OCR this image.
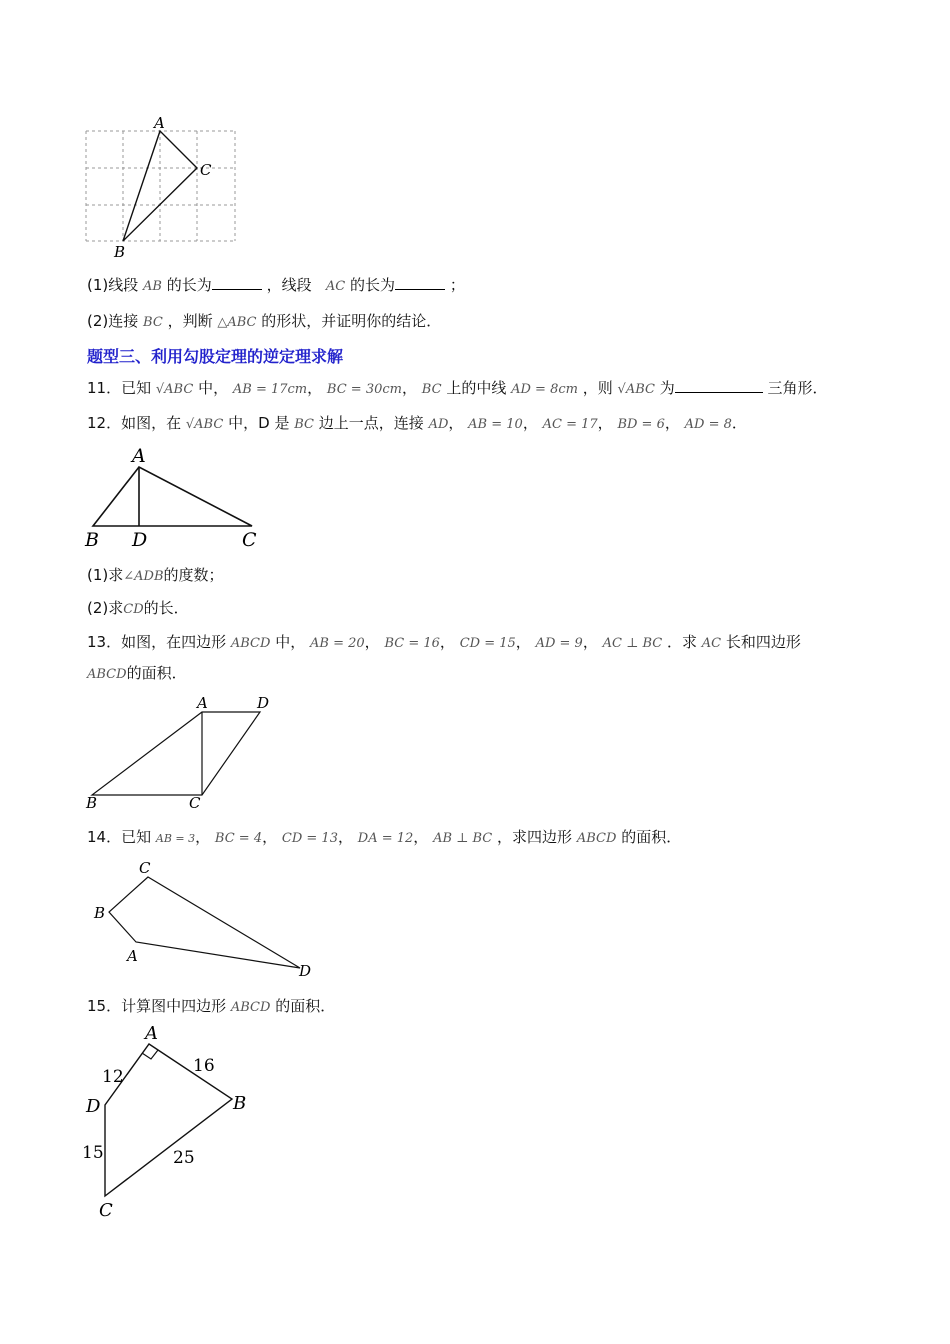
A
B
C
(1)线段 AB 的长为	，线段 AC 的长为	；
(2)连接 BC ，判断 △ABC 的形状，并证明你的结论．
题型三、利用勾股定理的逆定理求解
11．已知 √ABC 中， AB = 17cm， BC = 30cm， BC 上的中线 AD = 8cm ，则 √ABC 为	三角形．
12．如图，在 √ABC 中，D 是 BC 边上一点，连接 AD， AB = 10， AC = 17， BD = 6， AD = 8．
A
B D	C
(1)求∠ADB的度数；
(2)求CD的长．
13．如图，在四边形 ABCD 中， AB = 20， BC = 16， CD = 15， AD = 9， AC ⊥ BC ．求 AC 长和四边形
ABCD的面积．
A	D
B	C
14．已知 AB = 3， BC = 4， CD = 13， DA = 12， AB ⊥ BC ，求四边形 ABCD 的面积．
C
B
A
D
15．计算图中四边形 ABCD 的面积．
A
B
D
C
12
16
15	25
